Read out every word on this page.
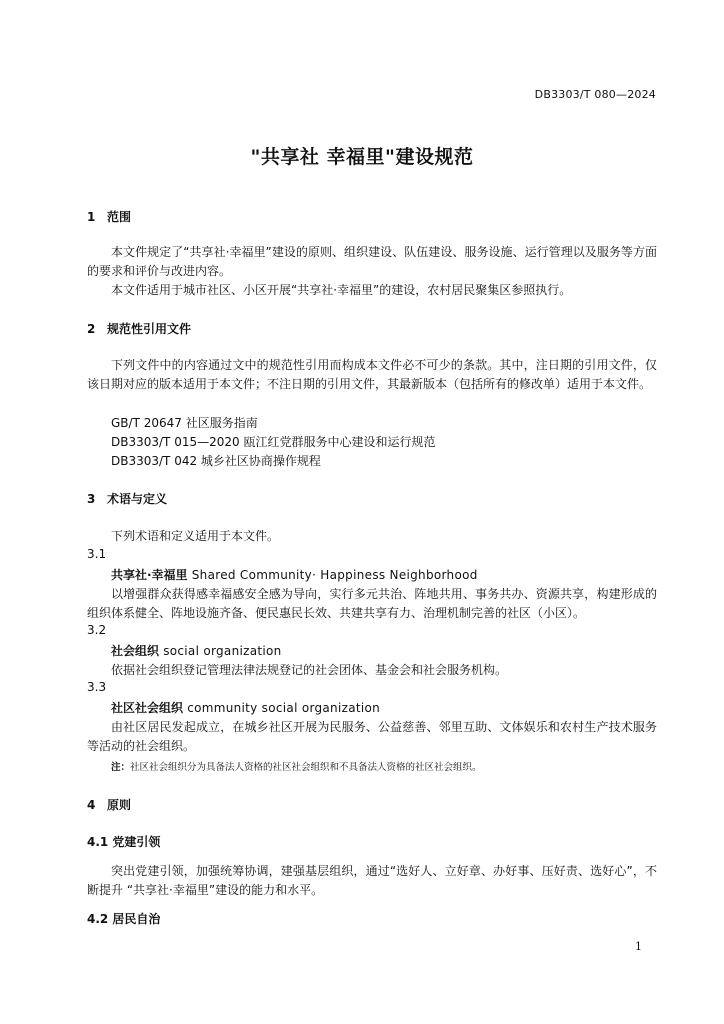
DB3303/T 080—2024
"共享社 幸福里"建设规范
1 范围
本文件规定了“共享社·幸福里”建设的原则、组织建设、队伍建设、服务设施、运行管理以及服务等方面的要求和评价与改进内容。
本文件适用于城市社区、小区开展“共享社·幸福里”的建设，农村居民聚集区参照执行。
2 规范性引用文件
下列文件中的内容通过文中的规范性引用而构成本文件必不可少的条款。其中，注日期的引用文件，仅该日期对应的版本适用于本文件；不注日期的引用文件，其最新版本（包括所有的修改单）适用于本文件。
GB/T 20647 社区服务指南
DB3303/T 015—2020 瓯江红党群服务中心建设和运行规范
DB3303/T 042 城乡社区协商操作规程
3 术语与定义
下列术语和定义适用于本文件。
3.1
共享社·幸福里 Shared Community· Happiness Neighborhood
以增强群众获得感幸福感安全感为导向，实行多元共治、阵地共用、事务共办、资源共享，构建形成的组织体系健全、阵地设施齐备、便民惠民长效、共建共享有力、治理机制完善的社区（小区）。
3.2
社会组织 social organization
依据社会组织登记管理法律法规登记的社会团体、基金会和社会服务机构。
3.3
社区社会组织 community social organization
由社区居民发起成立，在城乡社区开展为民服务、公益慈善、邻里互助、文体娱乐和农村生产技术服务等活动的社会组织。
注：社区社会组织分为具备法人资格的社区社会组织和不具备法人资格的社区社会组织。
4 原则
4.1 党建引领
突出党建引领，加强统筹协调，建强基层组织，通过“选好人、立好章、办好事、压好责、选好心”，不断提升 “共享社·幸福里”建设的能力和水平。
4.2 居民自治
1
